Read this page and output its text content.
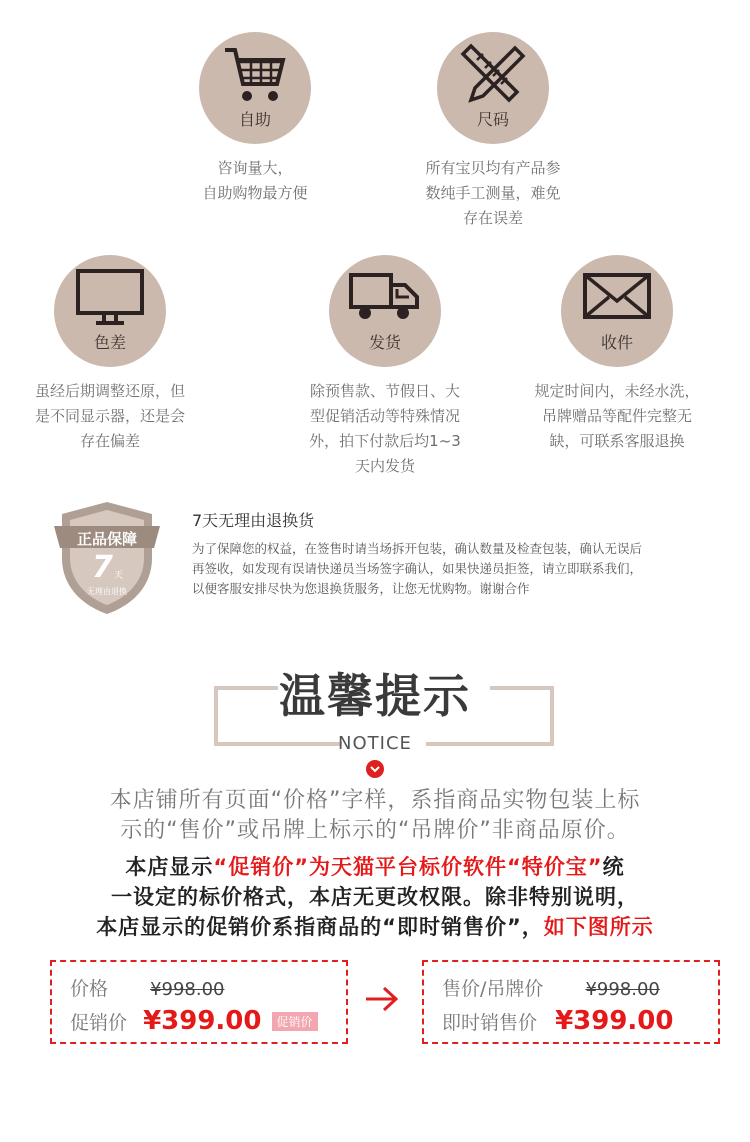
自助
咨询量大，
自助购物最方便
尺码
所有宝贝均有产品参
数纯手工测量，难免
存在误差
色差
虽经后期调整还原，但
是不同显示器，还是会
存在偏差
发货
除预售款、节假日、大
型促销活动等特殊情况
外，拍下付款后均1~3
天内发货
收件
规定时间内，未经水洗，
吊牌赠品等配件完整无
缺，可联系客服退换
正品保障
7 天
无理由退换
7天无理由退换货
为了保障您的权益，在签售时请当场拆开包装，确认数量及检查包装，确认无误后
再签收，如发现有误请快递员当场签字确认，如果快递员拒签，请立即联系我们，
以便客服安排尽快为您退换货服务，让您无忧购物。谢谢合作
温馨提示
NOTICE
本店铺所有页面“价格”字样，系指商品实物包装上标
示的“售价”或吊牌上标示的“吊牌价”非商品原价。
本店显示“促销价”为天猫平台标价软件“特价宝”统
一设定的标价格式，本店无更改权限。除非特别说明，
本店显示的促销价系指商品的“即时销售价”，如下图所示
价格 ¥998.00
促销价 ¥399.00 促销价
售价/吊牌价 ¥998.00
即时销售价 ¥399.00
